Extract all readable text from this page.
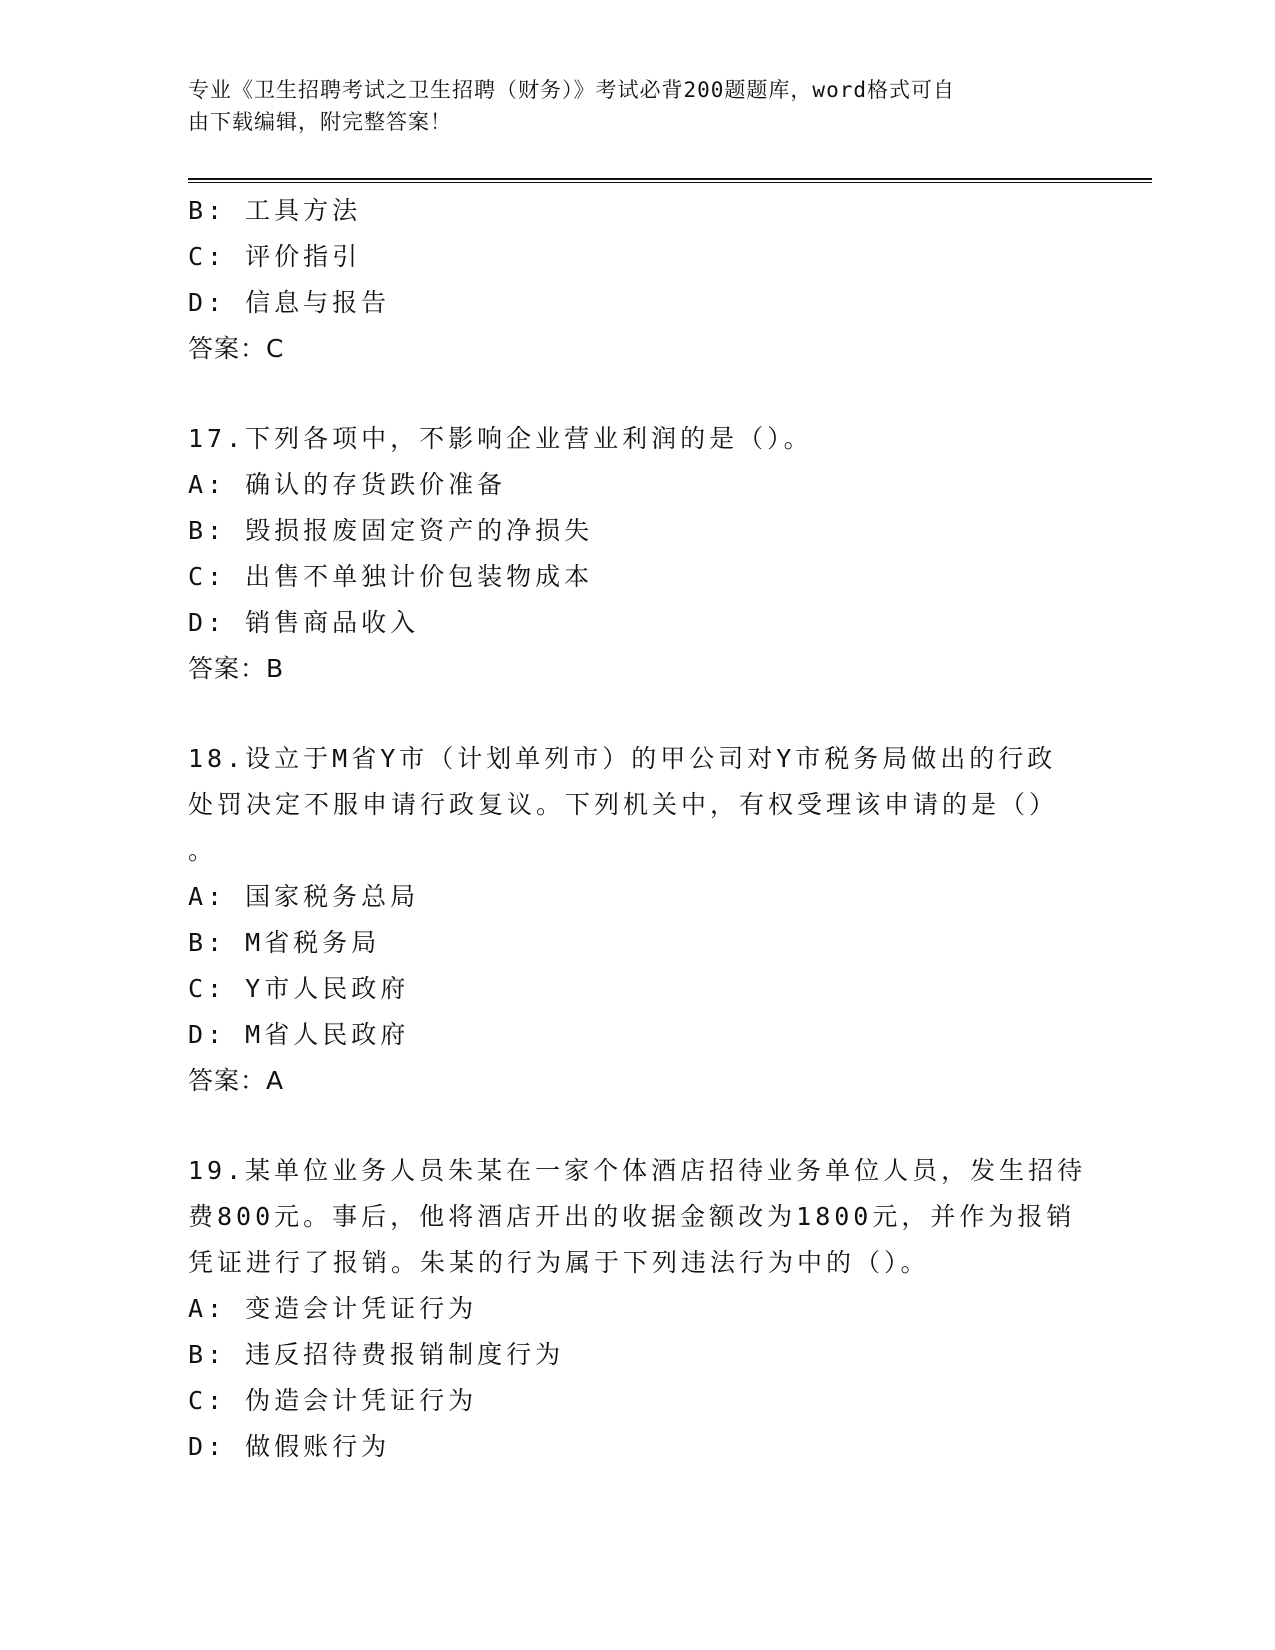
专业《卫生招聘考试之卫生招聘（财务）》考试必背200题题库，word格式可自
由下载编辑，附完整答案！
B: 工具方法
C: 评价指引
D: 信息与报告
答案：C
17.下列各项中，不影响企业营业利润的是（）。
A: 确认的存货跌价准备
B: 毁损报废固定资产的净损失
C: 出售不单独计价包装物成本
D: 销售商品收入
答案：B
18.设立于M省Y市（计划单列市）的甲公司对Y市税务局做出的行政
处罚决定不服申请行政复议。下列机关中，有权受理该申请的是（）
。
A: 国家税务总局
B: M省税务局
C: Y市人民政府
D: M省人民政府
答案：A
19.某单位业务人员朱某在一家个体酒店招待业务单位人员，发生招待
费800元。事后，他将酒店开出的收据金额改为1800元，并作为报销
凭证进行了报销。朱某的行为属于下列违法行为中的（）。
A: 变造会计凭证行为
B: 违反招待费报销制度行为
C: 伪造会计凭证行为
D: 做假账行为
